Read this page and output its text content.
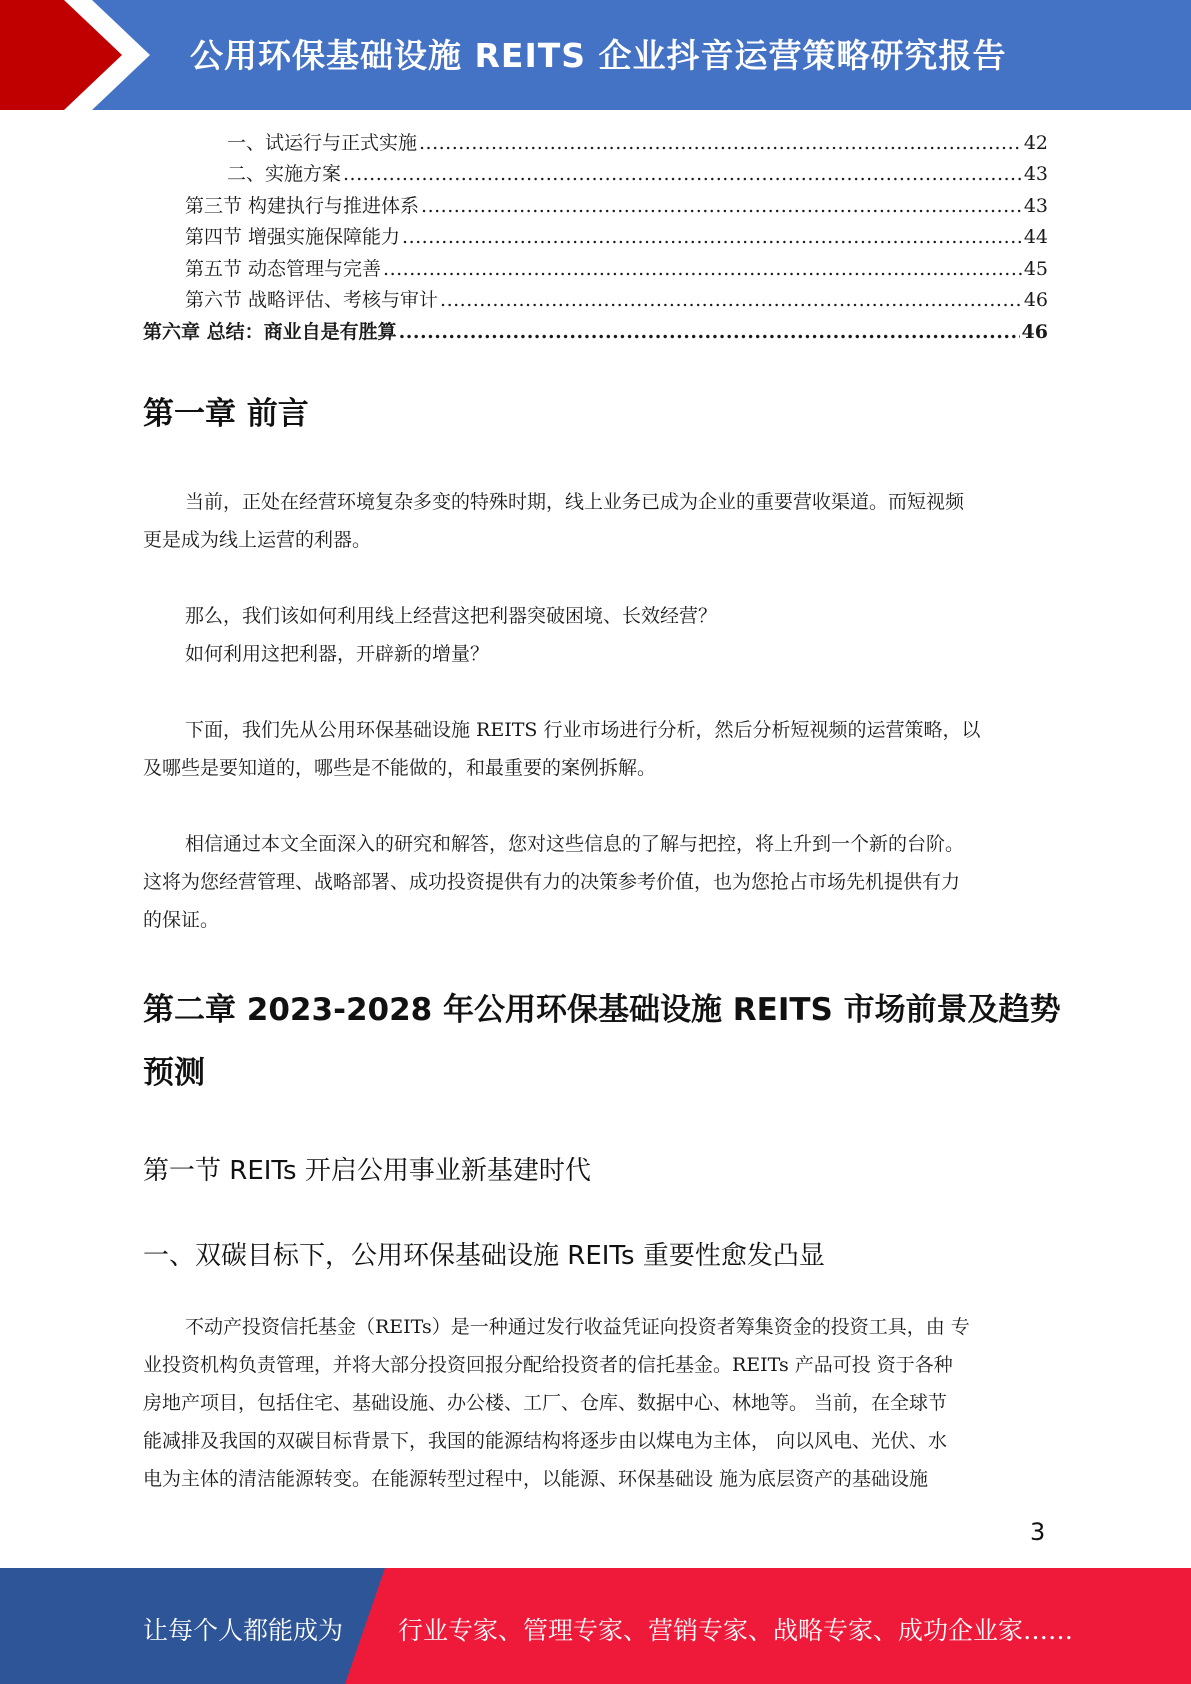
公用环保基础设施 REITS 企业抖音运营策略研究报告
一、试运行与正式实施 .....	42
二、实施方案 .....	43
第三节 构建执行与推进体系 .....	43
第四节 增强实施保障能力 .....	44
第五节 动态管理与完善 .....	45
第六节 战略评估、考核与审计 .....	46
第六章 总结：商业自是有胜算 .....	46
第一章 前言
当前，正处在经营环境复杂多变的特殊时期，线上业务已成为企业的重要营收渠道。而短视频
更是成为线上运营的利器。
那么，我们该如何利用线上经营这把利器突破困境、长效经营？
如何利用这把利器，开辟新的增量？
下面，我们先从公用环保基础设施 REITS 行业市场进行分析，然后分析短视频的运营策略，以
及哪些是要知道的，哪些是不能做的，和最重要的案例拆解。
相信通过本文全面深入的研究和解答，您对这些信息的了解与把控，将上升到一个新的台阶。
这将为您经营管理、战略部署、成功投资提供有力的决策参考价值，也为您抢占市场先机提供有力
的保证。
第二章 2023-2028 年公用环保基础设施 REITS 市场前景及趋势
预测
第一节 REITs 开启公用事业新基建时代
一、双碳目标下，公用环保基础设施 REITs 重要性愈发凸显
不动产投资信托基金（REITs）是一种通过发行收益凭证向投资者筹集资金的投资工具，由 专
业投资机构负责管理，并将大部分投资回报分配给投资者的信托基金。REITs 产品可投 资于各种
房地产项目，包括住宅、基础设施、办公楼、工厂、仓库、数据中心、林地等。 当前，在全球节
能减排及我国的双碳目标背景下，我国的能源结构将逐步由以煤电为主体， 向以风电、光伏、水
电为主体的清洁能源转变。在能源转型过程中，以能源、环保基础设 施为底层资产的基础设施
3
让每个人都能成为 行业专家、管理专家、营销专家、战略专家、成功企业家……
